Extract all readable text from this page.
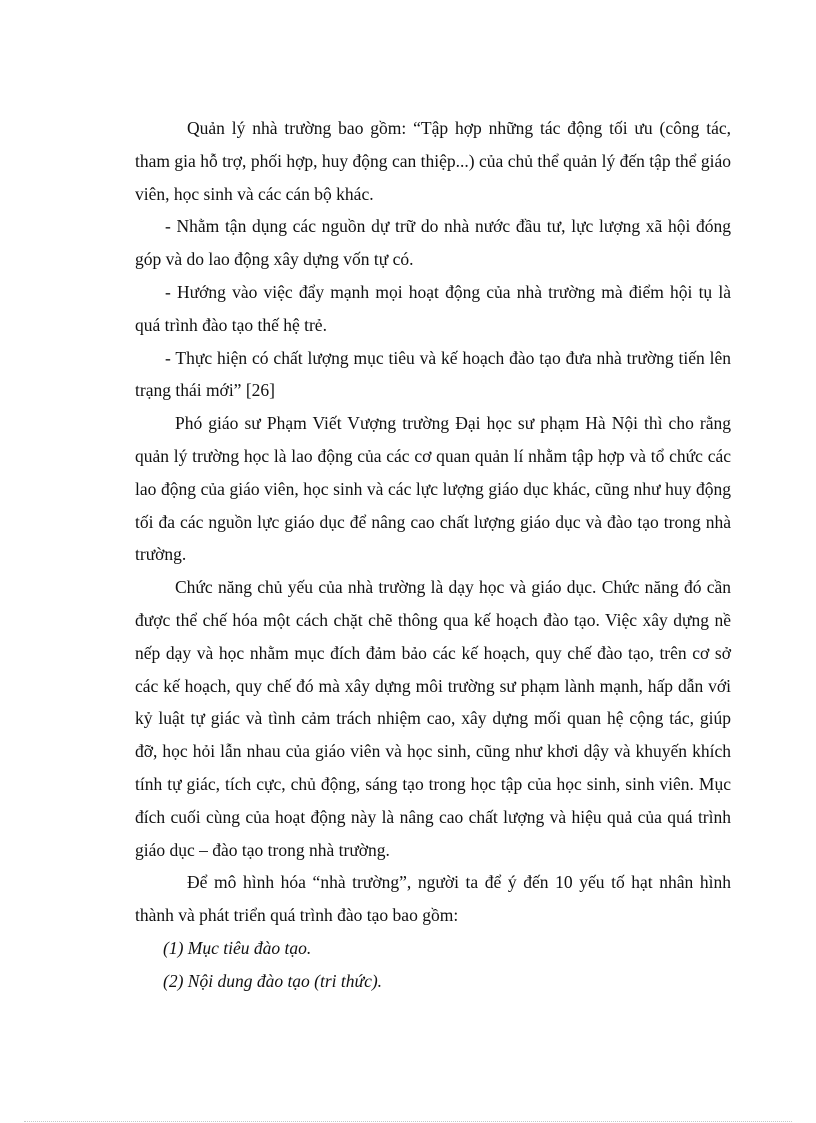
Quản lý nhà trường bao gồm: “Tập hợp những tác động tối ưu (công tác, tham gia hỗ trợ, phối hợp, huy động can thiệp...) của chủ thể quản lý đến tập thể giáo viên, học sinh và các cán bộ khác.

- Nhằm tận dụng các nguồn dự trữ do nhà nước đầu tư, lực lượng xã hội đóng góp và do lao động xây dựng vốn tự có.

- Hướng vào việc đẩy mạnh mọi hoạt động của nhà trường mà điểm hội tụ là quá trình đào tạo thế hệ trẻ.

- Thực hiện có chất lượng mục tiêu và kế hoạch đào tạo đưa nhà trường tiến lên trạng thái mới” [26]

Phó giáo sư Phạm Viết Vượng trường Đại học sư phạm Hà Nội thì cho rằng quản lý trường học là lao động của các cơ quan quản lí nhằm tập hợp và tổ chức các lao động của giáo viên, học sinh và các lực lượng giáo dục khác, cũng như huy động tối đa các nguồn lực giáo dục để nâng cao chất lượng giáo dục và đào tạo trong nhà trường.

Chức năng chủ yếu của nhà trường là dạy học và giáo dục. Chức năng đó cần được thể chế hóa một cách chặt chẽ thông qua kế hoạch đào tạo. Việc xây dựng nề nếp dạy và học nhằm mục đích đảm bảo các kế hoạch, quy chế đào tạo, trên cơ sở các kế hoạch, quy chế đó mà xây dựng môi trường sư phạm lành mạnh, hấp dẫn với kỷ luật tự giác và tình cảm trách nhiệm cao, xây dựng mối quan hệ cộng tác, giúp đỡ, học hỏi lẫn nhau của giáo viên và học sinh, cũng như khơi dậy và khuyến khích tính tự giác, tích cực, chủ động, sáng tạo trong học tập của học sinh, sinh viên. Mục đích cuối cùng của hoạt động này là nâng cao chất lượng và hiệu quả của quá trình giáo dục – đào tạo trong nhà trường.

Để mô hình hóa “nhà trường”, người ta để ý đến 10 yếu tố hạt nhân hình thành và phát triển quá trình đào tạo bao gồm:

(1) Mục tiêu đào tạo.

(2) Nội dung đào tạo (tri thức).
